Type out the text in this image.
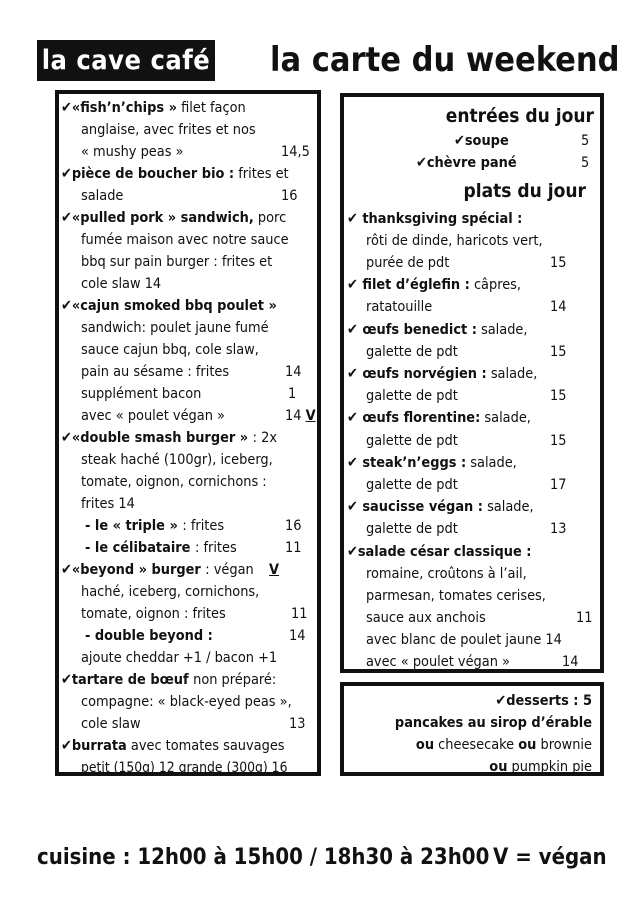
la cave café la carte du weekend
✔«fish’n’chips » filet façon
anglaise, avec frites et nos
« mushy peas »	14,5
✔pièce de boucher bio : frites et
salade	16
✔«pulled pork » sandwich, porc
fumée maison avec notre sauce
bbq sur pain burger : frites et
cole slaw 14
✔«cajun smoked bbq poulet »
sandwich: poulet jaune fumé
sauce cajun bbq, cole slaw,
pain au sésame : frites	14
supplément bacon	1
avec « poulet végan »	14 V
✔«double smash burger » : 2x
steak haché (100gr), iceberg,
tomate, oignon, cornichons :
frites 14
- le « triple » : frites	16
- le célibataire : frites	11
✔«beyond » burger : végan V
haché, iceberg, cornichons,
tomate, oignon : frites	11
- double beyond :	14
ajoute cheddar +1 / bacon +1
✔tartare de bœuf non préparé:
compagne: « black-eyed peas »,
cole slaw	13
✔burrata avec tomates sauvages
petit (150g) 12 grande (300g) 16
entrées du jour
✔soupe	5
✔chèvre pané	5
plats du jour
✔ thanksgiving spécial :
rôti de dinde, haricots vert,
purée de pdt	15
✔ filet d’églefin : câpres,
ratatouille	14
✔ œufs benedict : salade,
galette de pdt	15
✔ œufs norvégien : salade,
galette de pdt	15
✔ œufs florentine: salade,
galette de pdt	15
✔ steak’n’eggs : salade,
galette de pdt	17
✔ saucisse végan : salade,
galette de pdt	13
✔salade césar classique :
romaine, croûtons à l’ail,
parmesan, tomates cerises,
sauce aux anchois	11
avec blanc de poulet jaune 14
avec « poulet végan »	14
✔desserts : 5
pancakes au sirop d’érable
ou cheesecake ou brownie
ou pumpkin pie
cuisine : 12h00 à 15h00 / 18h30 à 23h00 V = végan
